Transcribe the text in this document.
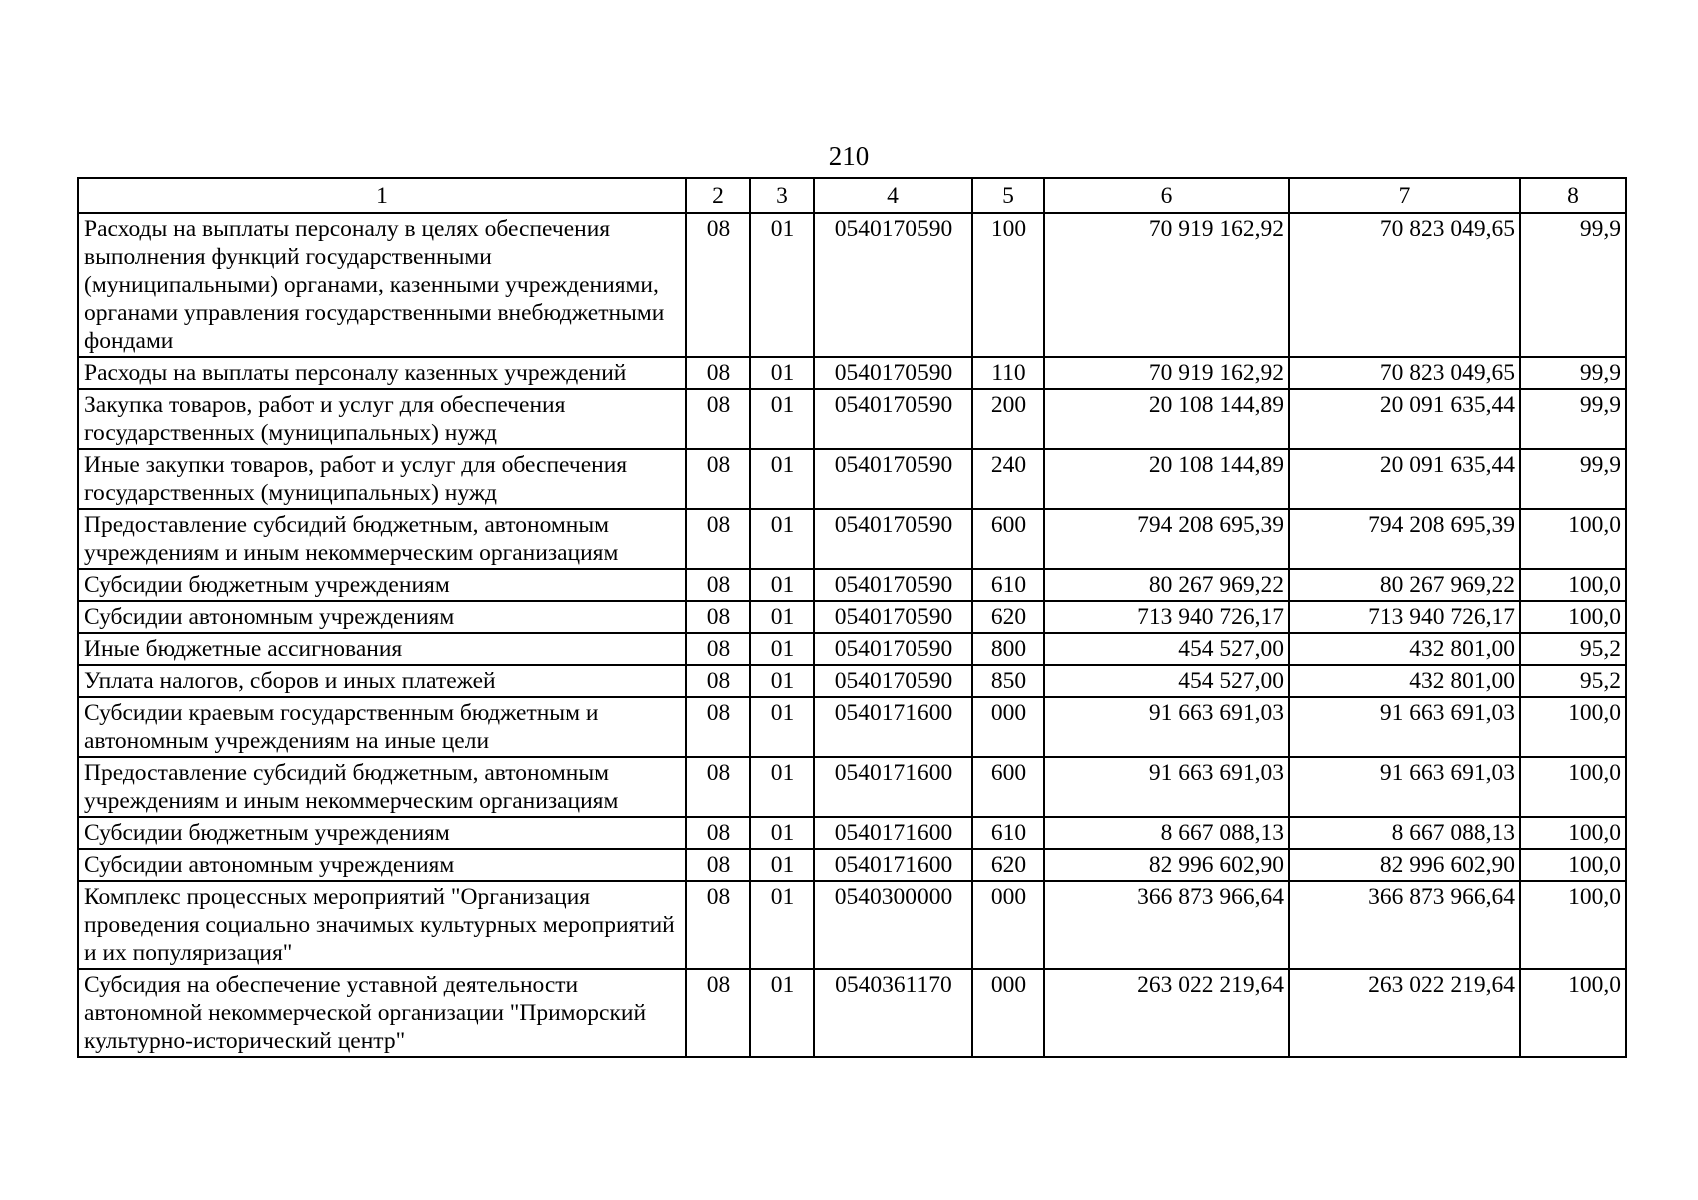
210
1	2	3	4	5	6	7	8
Расходы на выплаты персоналу в целях обеспечения выполнения функций государственными (муниципальными) органами, казенными учреждениями, органами управления государственными внебюджетными фондами	08	01	0540170590	100	70 919 162,92	70 823 049,65	99,9
Расходы на выплаты персоналу казенных учреждений	08	01	0540170590	110	70 919 162,92	70 823 049,65	99,9
Закупка товаров, работ и услуг для обеспечения государственных (муниципальных) нужд	08	01	0540170590	200	20 108 144,89	20 091 635,44	99,9
Иные закупки товаров, работ и услуг для обеспечения государственных (муниципальных) нужд	08	01	0540170590	240	20 108 144,89	20 091 635,44	99,9
Предоставление субсидий бюджетным, автономным учреждениям и иным некоммерческим организациям	08	01	0540170590	600	794 208 695,39	794 208 695,39	100,0
Субсидии бюджетным учреждениям	08	01	0540170590	610	80 267 969,22	80 267 969,22	100,0
Субсидии автономным учреждениям	08	01	0540170590	620	713 940 726,17	713 940 726,17	100,0
Иные бюджетные ассигнования	08	01	0540170590	800	454 527,00	432 801,00	95,2
Уплата налогов, сборов и иных платежей	08	01	0540170590	850	454 527,00	432 801,00	95,2
Субсидии краевым государственным бюджетным и автономным учреждениям на иные цели	08	01	0540171600	000	91 663 691,03	91 663 691,03	100,0
Предоставление субсидий бюджетным, автономным учреждениям и иным некоммерческим организациям	08	01	0540171600	600	91 663 691,03	91 663 691,03	100,0
Субсидии бюджетным учреждениям	08	01	0540171600	610	8 667 088,13	8 667 088,13	100,0
Субсидии автономным учреждениям	08	01	0540171600	620	82 996 602,90	82 996 602,90	100,0
Комплекс процессных мероприятий "Организация проведения социально значимых культурных мероприятий и их популяризация"	08	01	0540300000	000	366 873 966,64	366 873 966,64	100,0
Субсидия на обеспечение уставной деятельности автономной некоммерческой организации "Приморский культурно-исторический центр"	08	01	0540361170	000	263 022 219,64	263 022 219,64	100,0
